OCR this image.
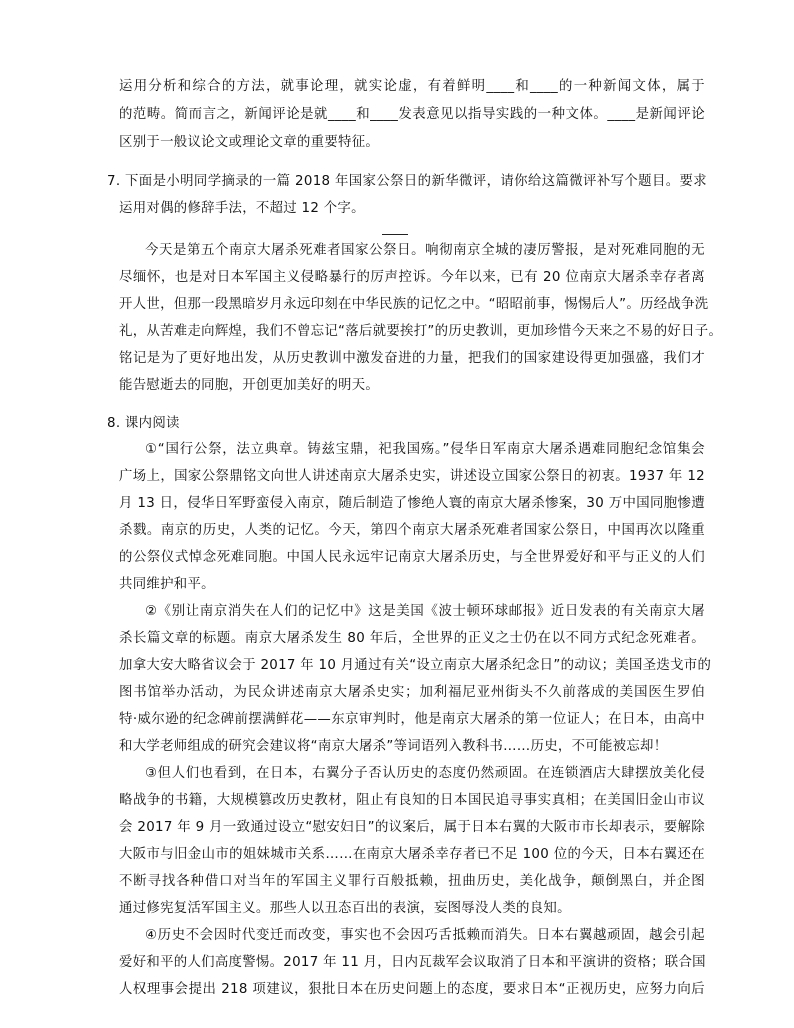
运用分析和综合的方法，就事论理，就实论虚，有着鲜明____和____的一种新闻文体，属于
的范畴。简而言之，新闻评论是就____和____发表意见以指导实践的一种文体。____是新闻评论
区别于一般议论文或理论文章的重要特征。
7. 下面是小明同学摘录的一篇 2018 年国家公祭日的新华微评，请你给这篇微评补写个题目。要求
运用对偶的修辞手法，不超过 12 个字。
今天是第五个南京大屠杀死难者国家公祭日。响彻南京全城的凄厉警报，是对死难同胞的无
尽缅怀，也是对日本军国主义侵略暴行的厉声控诉。今年以来，已有 20 位南京大屠杀幸存者离
开人世，但那一段黑暗岁月永远印刻在中华民族的记忆之中。“昭昭前事，惕惕后人”。历经战争洗
礼，从苦难走向辉煌，我们不曾忘记“落后就要挨打”的历史教训，更加珍惜今天来之不易的好日子。
铭记是为了更好地出发，从历史教训中激发奋进的力量，把我们的国家建设得更加强盛，我们才
能告慰逝去的同胞，开创更加美好的明天。
8. 课内阅读
①“国行公祭，法立典章。铸兹宝鼎，祀我国殇。”侵华日军南京大屠杀遇难同胞纪念馆集会
广场上，国家公祭鼎铭文向世人讲述南京大屠杀史实，讲述设立国家公祭日的初衷。1937 年 12
月 13 日，侵华日军野蛮侵入南京，随后制造了惨绝人寰的南京大屠杀惨案，30 万中国同胞惨遭
杀戮。南京的历史，人类的记忆。今天，第四个南京大屠杀死难者国家公祭日，中国再次以隆重
的公祭仪式悼念死难同胞。中国人民永远牢记南京大屠杀历史，与全世界爱好和平与正义的人们
共同维护和平。
②《别让南京消失在人们的记忆中》这是美国《波士顿环球邮报》近日发表的有关南京大屠
杀长篇文章的标题。南京大屠杀发生 80 年后，全世界的正义之士仍在以不同方式纪念死难者。
加拿大安大略省议会于 2017 年 10 月通过有关“设立南京大屠杀纪念日”的动议；美国圣迭戈市的
图书馆举办活动，为民众讲述南京大屠杀史实；加利福尼亚州街头不久前落成的美国医生罗伯
特·威尔逊的纪念碑前摆满鲜花——东京审判时，他是南京大屠杀的第一位证人；在日本，由高中
和大学老师组成的研究会建议将“南京大屠杀”等词语列入教科书……历史，不可能被忘却！
③但人们也看到，在日本，右翼分子否认历史的态度仍然顽固。在连锁酒店大肆摆放美化侵
略战争的书籍，大规模篡改历史教材，阻止有良知的日本国民追寻事实真相；在美国旧金山市议
会 2017 年 9 月一致通过设立“慰安妇日”的议案后，属于日本右翼的大阪市市长却表示，要解除
大阪市与旧金山市的姐妹城市关系……在南京大屠杀幸存者已不足 100 位的今天，日本右翼还在
不断寻找各种借口对当年的军国主义罪行百般抵赖，扭曲历史，美化战争，颠倒黑白，并企图
通过修宪复活军国主义。那些人以丑态百出的表演，妄图辱没人类的良知。
④历史不会因时代变迁而改变，事实也不会因巧舌抵赖而消失。日本右翼越顽固，越会引起
爱好和平的人们高度警惕。2017 年 11 月，日内瓦裁军会议取消了日本和平演讲的资格；联合国
人权理事会提出 218 项建议，狠批日本在历史问题上的态度，要求日本“正视历史，应努力向后
